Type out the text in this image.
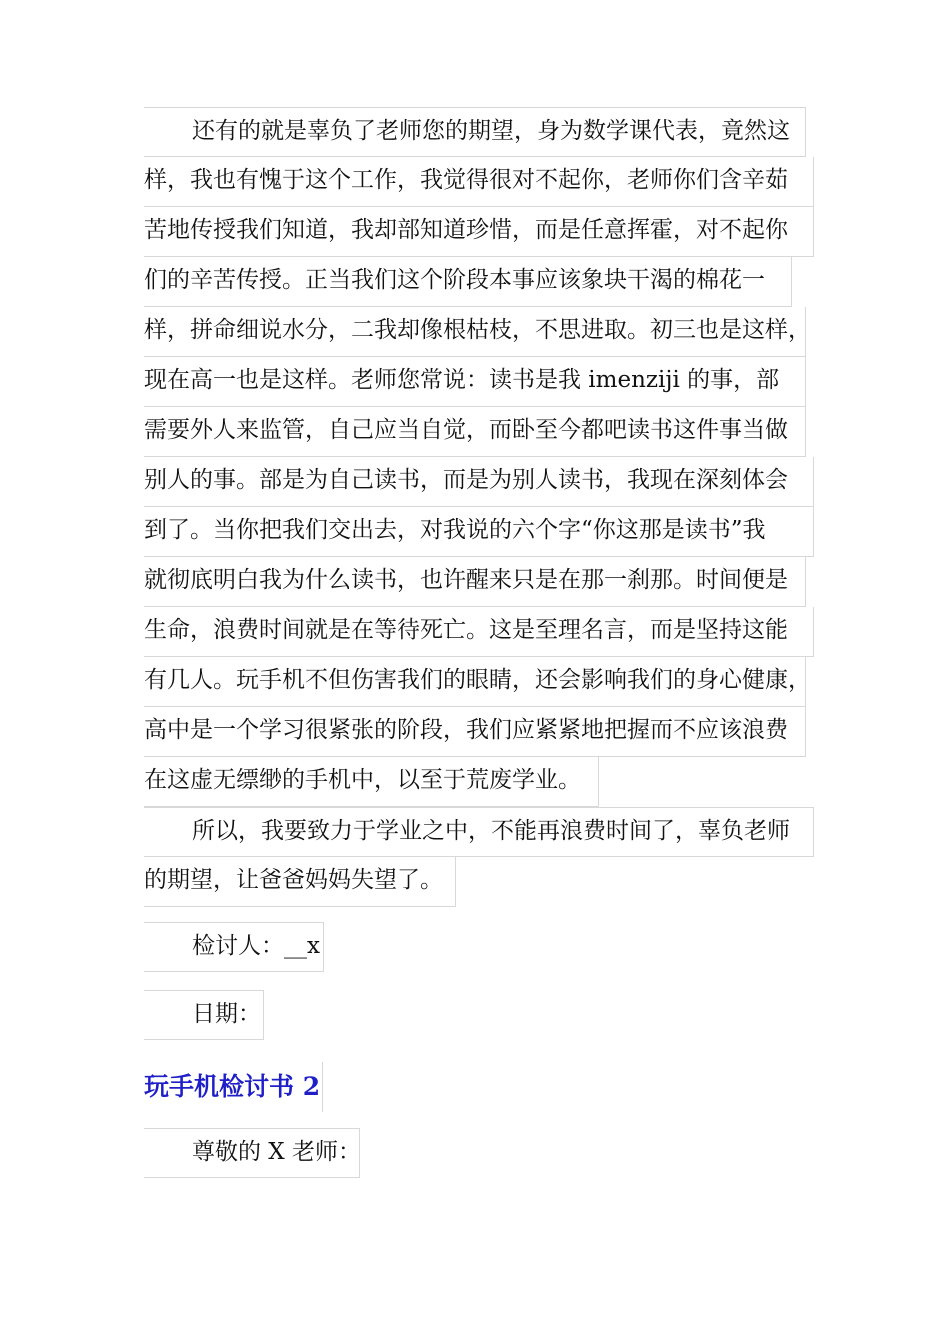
还有的就是辜负了老师您的期望，身为数学课代表，竟然这
样，我也有愧于这个工作，我觉得很对不起你，老师你们含辛茹
苦地传授我们知道，我却部知道珍惜，而是任意挥霍，对不起你
们的辛苦传授。正当我们这个阶段本事应该象块干渴的棉花一
样，拼命细说水分，二我却像根枯枝，不思进取。初三也是这样，
现在高一也是这样。老师您常说：读书是我 imenziji 的事，部
需要外人来监管，自己应当自觉，而卧至今都吧读书这件事当做
别人的事。部是为自己读书，而是为别人读书，我现在深刻体会
到了。当你把我们交出去，对我说的六个字“你这那是读书”我
就彻底明白我为什么读书，也许醒来只是在那一刹那。时间便是
生命，浪费时间就是在等待死亡。这是至理名言，而是坚持这能
有几人。玩手机不但伤害我们的眼睛，还会影响我们的身心健康，
高中是一个学习很紧张的阶段，我们应紧紧地把握而不应该浪费
在这虚无缥缈的手机中，以至于荒废学业。
所以，我要致力于学业之中，不能再浪费时间了，辜负老师
的期望，让爸爸妈妈失望了。
检讨人：__x
日期：
玩手机检讨书 2
尊敬的 X 老师：
